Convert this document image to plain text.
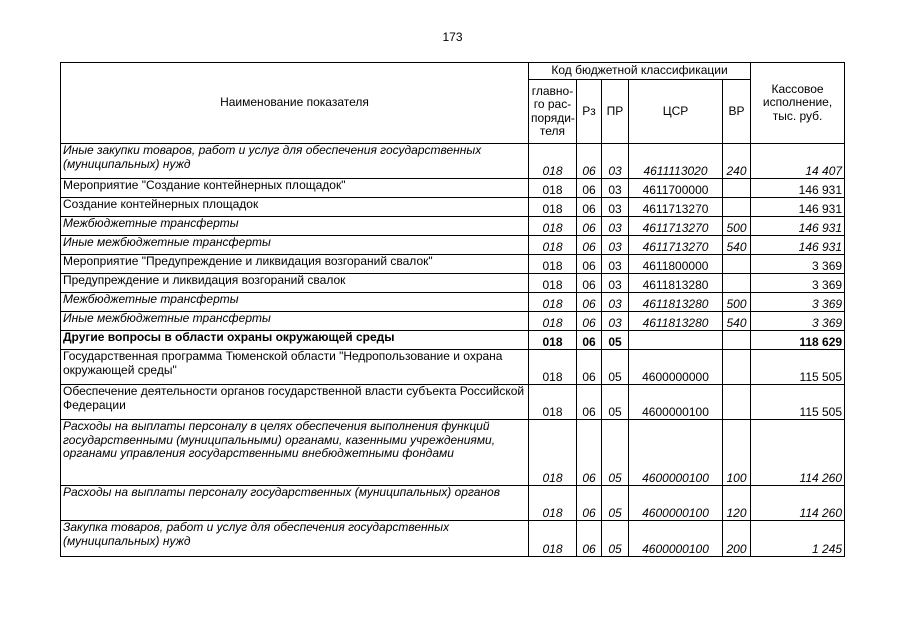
173
Наименование показателя	Код бюджетной классификации					Кассовое исполнение, тыс. руб.
	главно-го рас-поряди-теля	Рз	ПР	ЦСР	ВР	
Иные закупки товаров, работ и услуг для обеспечения государственных (муниципальных) нужд	018	06	03	4611113020	240	14 407
Мероприятие "Создание контейнерных площадок"	018	06	03	4611700000		146 931
Создание контейнерных площадок	018	06	03	4611713270		146 931
Межбюджетные трансферты	018	06	03	4611713270	500	146 931
Иные межбюджетные трансферты	018	06	03	4611713270	540	146 931
Мероприятие "Предупреждение и ликвидация возгораний свалок"	018	06	03	4611800000		3 369
Предупреждение и ликвидация возгораний свалок	018	06	03	4611813280		3 369
Межбюджетные трансферты	018	06	03	4611813280	500	3 369
Иные межбюджетные трансферты	018	06	03	4611813280	540	3 369
Другие вопросы в области охраны окружающей среды	018	06	05			118 629
Государственная программа Тюменской области "Недропользование и охрана окружающей среды"	018	06	05	4600000000		115 505
Обеспечение деятельности органов государственной власти субъекта Российской Федерации	018	06	05	4600000100		115 505
Расходы на выплаты персоналу в целях обеспечения выполнения функций государственными (муниципальными) органами, казенными учреждениями, органами управления государственными внебюджетными фондами	018	06	05	4600000100	100	114 260
Расходы на выплаты персоналу государственных (муниципальных) органов	018	06	05	4600000100	120	114 260
Закупка товаров, работ и услуг для обеспечения государственных (муниципальных) нужд	018	06	05	4600000100	200	1 245
